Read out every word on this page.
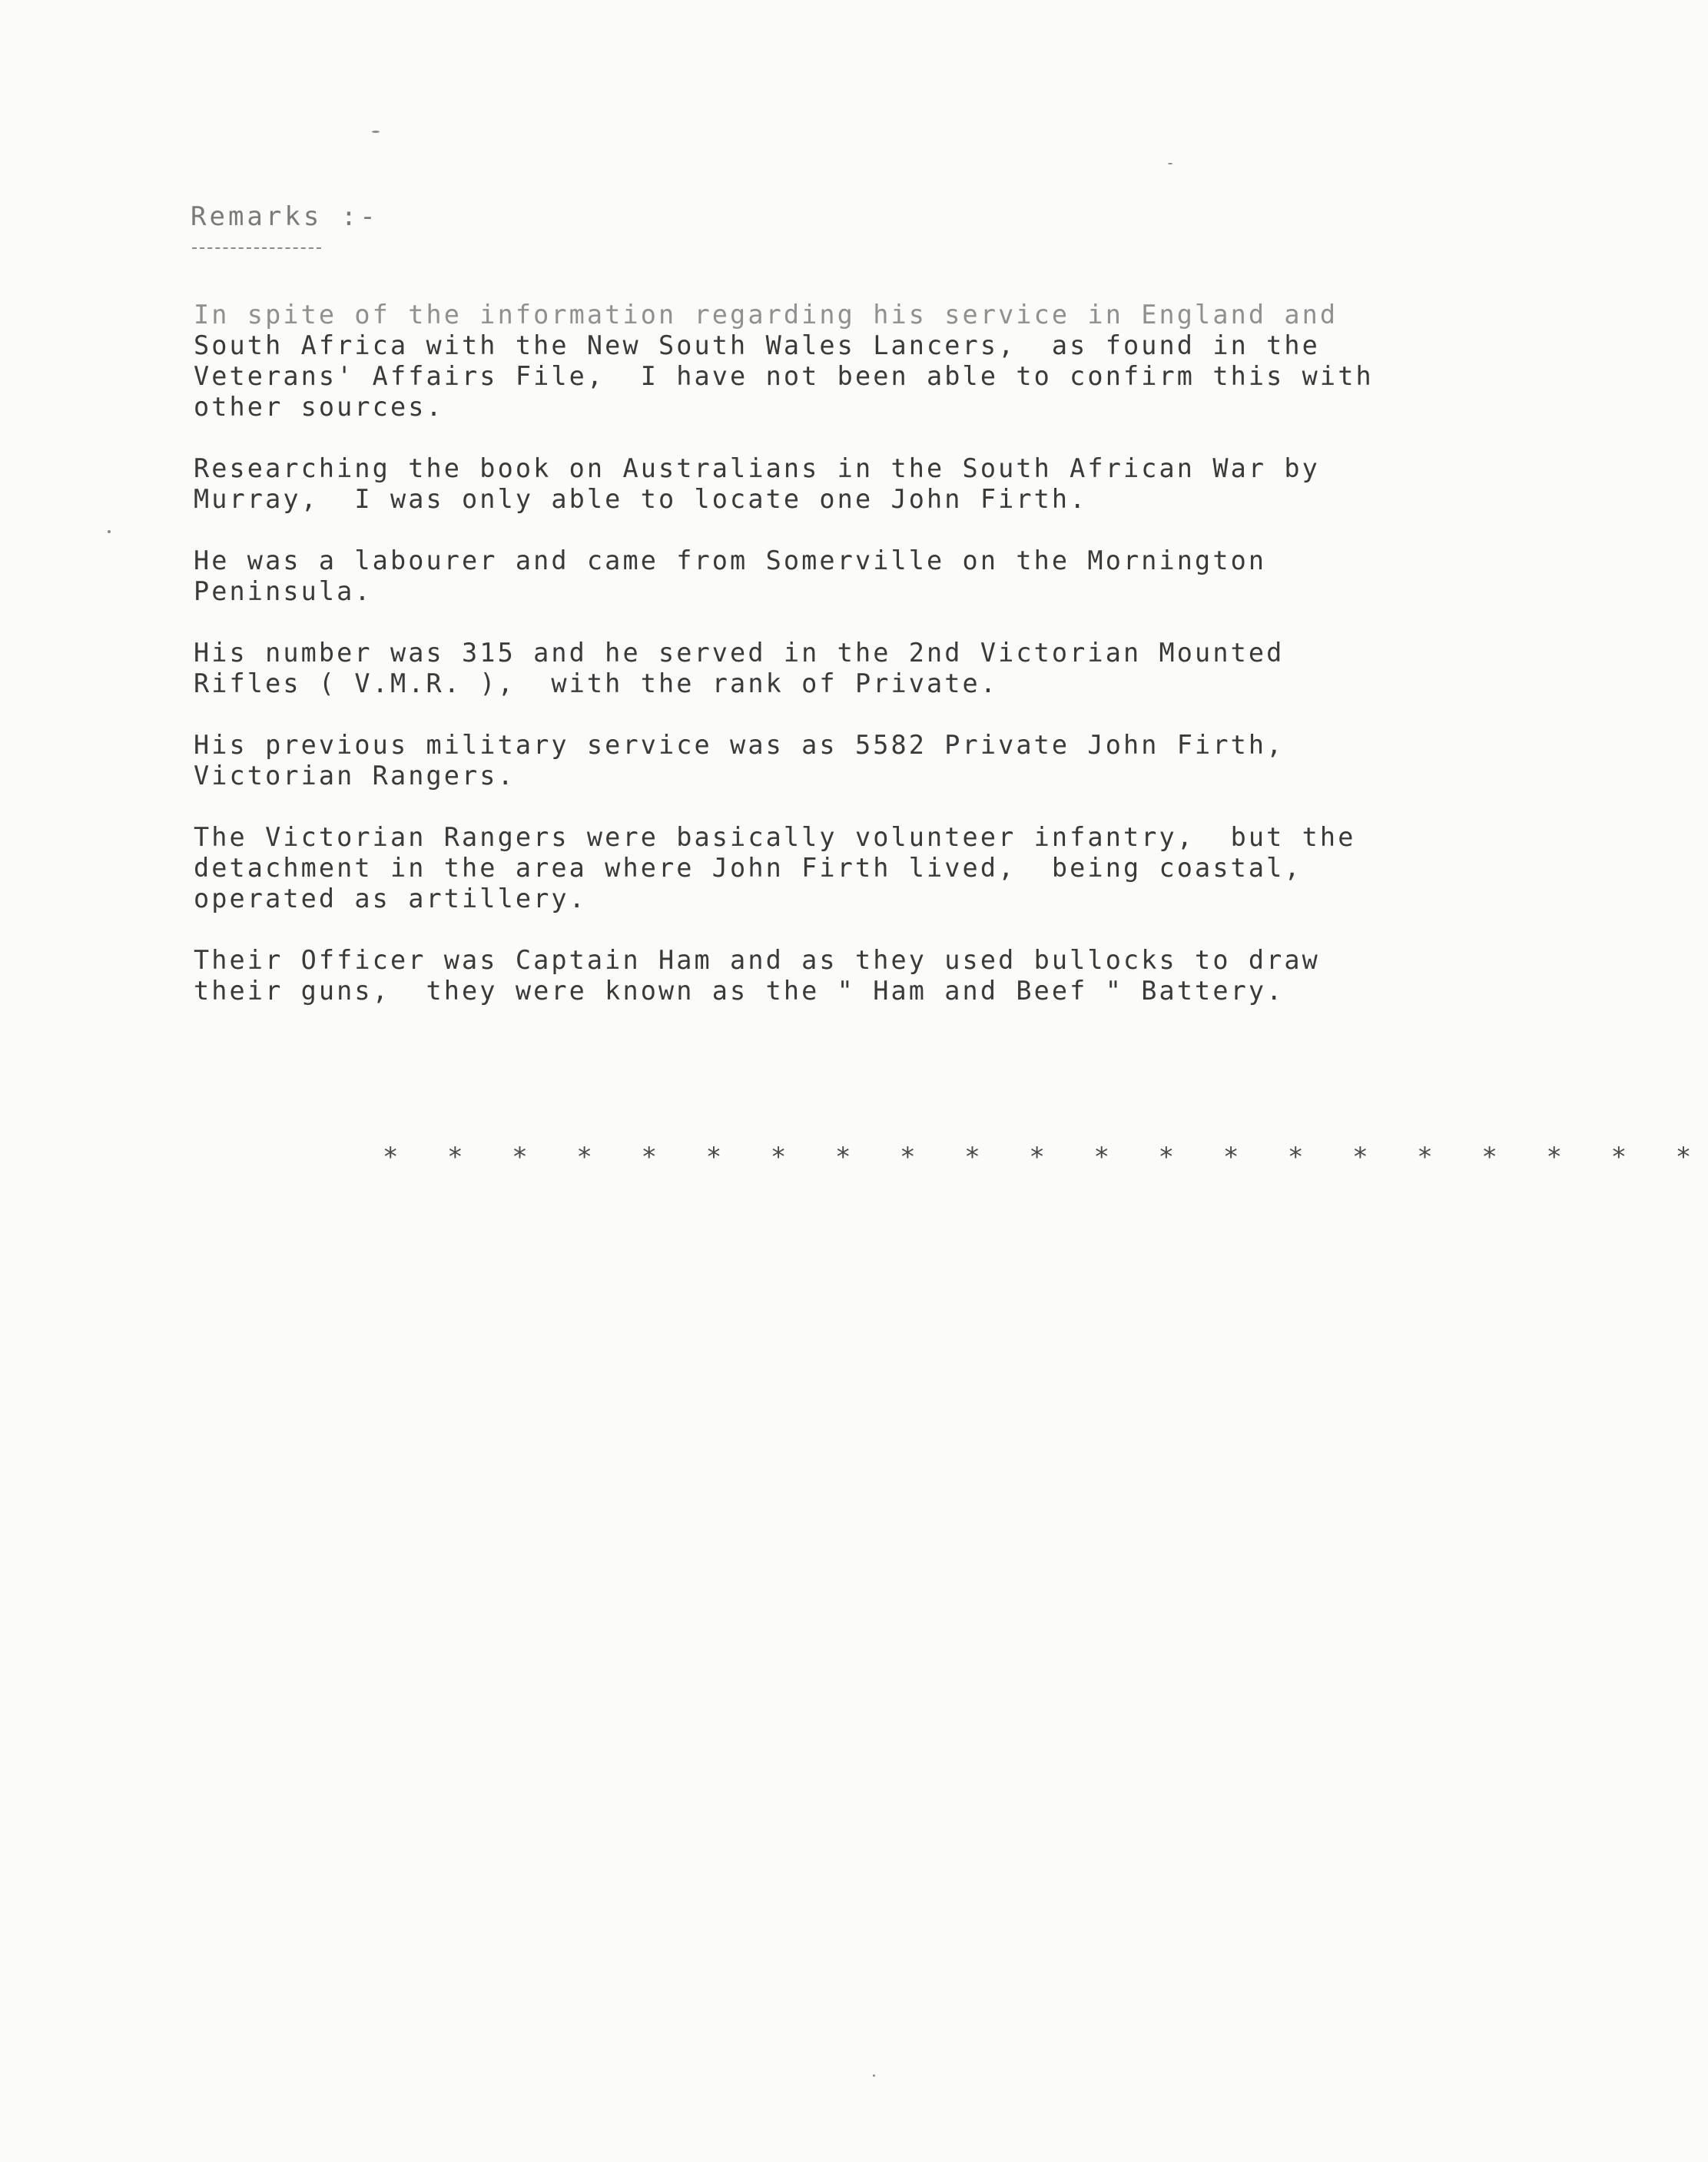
Remarks :-
In spite of the information regarding his service in England and
South Africa with the New South Wales Lancers,  as found in the
Veterans' Affairs File,  I have not been able to confirm this with
other sources.
Researching the book on Australians in the South African War by
Murray,  I was only able to locate one John Firth.
He was a labourer and came from Somerville on the Mornington
Peninsula.
His number was 315 and he served in the 2nd Victorian Mounted
Rifles ( V.M.R. ),  with the rank of Private.
His previous military service was as 5582 Private John Firth,
Victorian Rangers.
The Victorian Rangers were basically volunteer infantry,  but the
detachment in the area where John Firth lived,  being coastal,
operated as artillery.
Their Officer was Captain Ham and as they used bullocks to draw
their guns,  they were known as the " Ham and Beef " Battery.
* * * * * * * * * * * * * * * * * * * * *
